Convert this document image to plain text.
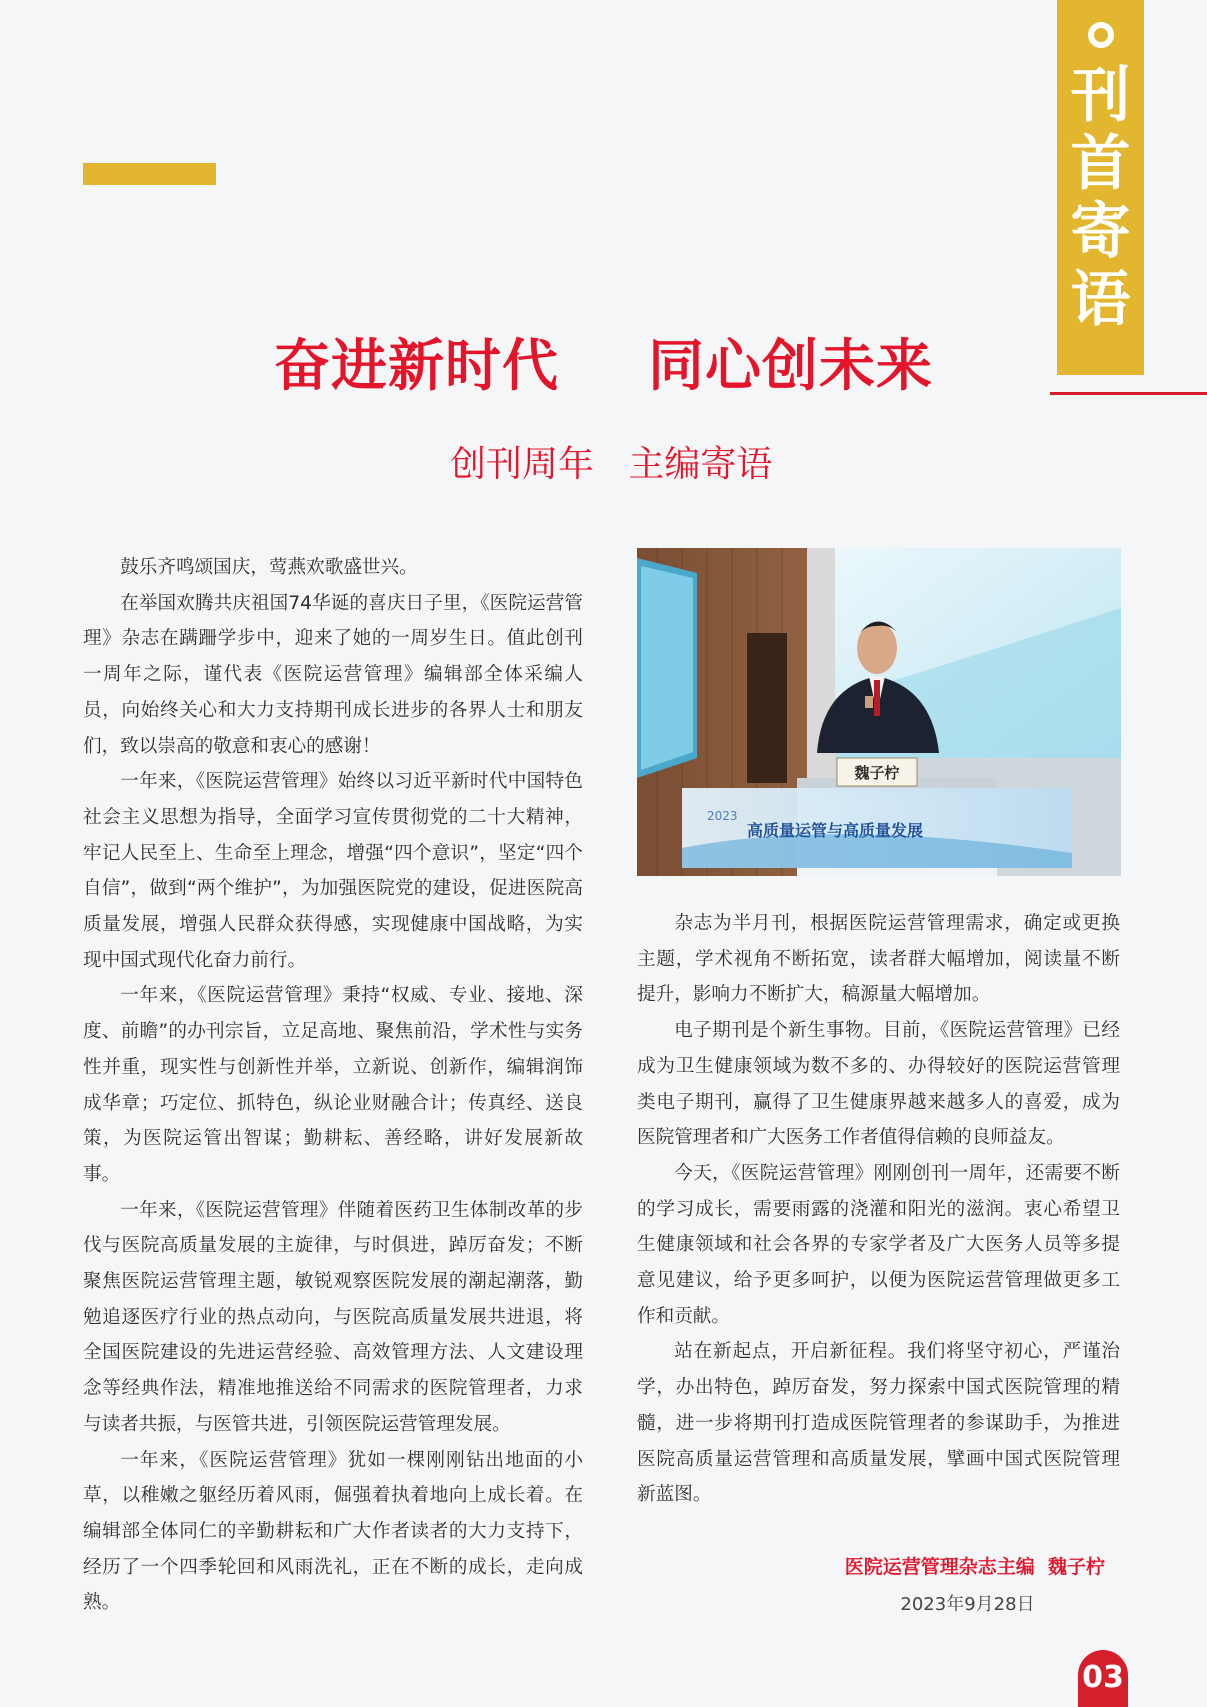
刊首寄语
奋进新时代  同心创未来
创刊周年   主编寄语

鼓乐齐鸣颂国庆，莺燕欢歌盛世兴。

在举国欢腾共庆祖国74华诞的喜庆日子里，《医院运营管理》杂志在蹒跚学步中，迎来了她的一周岁生日。值此创刊一周年之际，谨代表《医院运营管理》编辑部全体采编人员，向始终关心和大力支持期刊成长进步的各界人士和朋友们，致以崇高的敬意和衷心的感谢！

一年来，《医院运营管理》始终以习近平新时代中国特色社会主义思想为指导，全面学习宣传贯彻党的二十大精神，牢记人民至上、生命至上理念，增强“四个意识”，坚定“四个自信”，做到“两个维护”，为加强医院党的建设，促进医院高质量发展，增强人民群众获得感，实现健康中国战略，为实现中国式现代化奋力前行。

一年来，《医院运营管理》秉持“权威、专业、接地、深度、前瞻”的办刊宗旨，立足高地、聚焦前沿，学术性与实务性并重，现实性与创新性并举，立新说、创新作，编辑润饰成华章；巧定位、抓特色，纵论业财融合计；传真经、送良策，为医院运管出智谋；勤耕耘、善经略，讲好发展新故事。

一年来，《医院运营管理》伴随着医药卫生体制改革的步伐与医院高质量发展的主旋律，与时俱进，踔厉奋发；不断聚焦医院运营管理主题，敏锐观察医院发展的潮起潮落，勤勉追逐医疗行业的热点动向，与医院高质量发展共进退，将全国医院建设的先进运营经验、高效管理方法、人文建设理念等经典作法，精准地推送给不同需求的医院管理者，力求与读者共振，与医管共进，引领医院运营管理发展。

一年来，《医院运营管理》犹如一棵刚刚钻出地面的小草，以稚嫩之躯经历着风雨，倔强着执着地向上成长着。在编辑部全体同仁的辛勤耕耘和广大作者读者的大力支持下，经历了一个四季轮回和风雨洗礼，正在不断的成长，走向成熟。

魏子柠
2023
高质量运管与高质量发展

杂志为半月刊，根据医院运营管理需求，确定或更换主题，学术视角不断拓宽，读者群大幅增加，阅读量不断提升，影响力不断扩大，稿源量大幅增加。

电子期刊是个新生事物。目前，《医院运营管理》已经成为卫生健康领域为数不多的、办得较好的医院运营管理类电子期刊，赢得了卫生健康界越来越多人的喜爱，成为医院管理者和广大医务工作者值得信赖的良师益友。

今天，《医院运营管理》刚刚创刊一周年，还需要不断的学习成长，需要雨露的浇灌和阳光的滋润。衷心希望卫生健康领域和社会各界的专家学者及广大医务人员等多提意见建议，给予更多呵护，以便为医院运营管理做更多工作和贡献。

站在新起点，开启新征程。我们将坚守初心，严谨治学，办出特色，踔厉奋发，努力探索中国式医院管理的精髓，进一步将期刊打造成医院管理者的参谋助手，为推进医院高质量运营管理和高质量发展，擘画中国式医院管理新蓝图。

医院运营管理杂志主编  魏子柠
2023年9月28日
03
